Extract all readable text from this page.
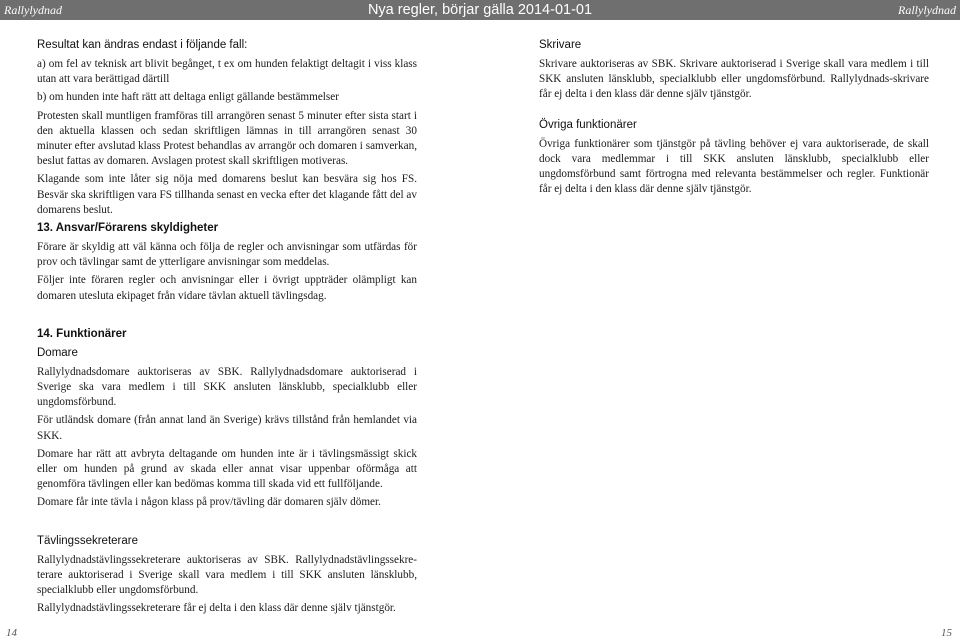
Rallylydnad	Nya regler, börjar gälla 2014-01-01	Rallylydnad
Resultat kan ändras endast i följande fall:

a) om fel av teknisk art blivit begånget, t ex om hunden felaktigt deltagit i viss klass utan att vara berättigad därtill

b) om hunden inte haft rätt att deltaga enligt gällande bestämmelser

Protesten skall muntligen framföras till arrangören senast 5 minuter efter sista start i den aktuella klassen och sedan skriftligen lämnas in till arrangören senast 30 minuter efter avslutad klass Protest behandlas av arrangör och domaren i samverkan, beslut fattas av domaren. Avslagen protest skall skriftligen motiveras.

Klagande som inte låter sig nöja med domarens beslut kan besvära sig hos FS. Besvär ska skriftligen vara FS tillhanda senast en vecka efter det klagande fått del av domarens beslut.

Skrivare

Skrivare auktoriseras av SBK. Skrivare auktoriserad i Sverige skall vara medlem i till SKK ansluten länsklubb, specialklubb eller ungdomsförbund. Rallylydnads-skrivare får ej delta i den klass där denne själv tjänstgör.

Övriga funktionärer

Övriga funktionärer som tjänstgör på tävling behöver ej vara auktoriserade, de skall dock vara medlemmar i till SKK ansluten länsklubb, specialklubb eller ungdomsförbund samt förtrogna med relevanta bestämmelser och regler. Funktionär får ej delta i den klass där denne själv tjänstgör.

13. Ansvar/Förarens skyldigheter

Förare är skyldig att väl känna och följa de regler och anvisningar som utfärdas för prov och tävlingar samt de ytterligare anvisningar som meddelas.

Följer inte föraren regler och anvisningar eller i övrigt uppträder olämpligt kan domaren utesluta ekipaget från vidare tävlan aktuell tävlingsdag.

14. Funktionärer
Domare

Rallylydnadsdomare auktoriseras av SBK. Rallylydnadsdomare auktoriserad i Sverige ska vara medlem i till SKK ansluten länsklubb, specialklubb eller ungdomsförbund.

För utländsk domare (från annat land än Sverige) krävs tillstånd från hemlandet via SKK.

Domare har rätt att avbryta deltagande om hunden inte är i tävlingsmässigt skick eller om hunden på grund av skada eller annat visar uppenbar oförmåga att genomföra tävlingen eller kan bedömas komma till skada vid ett fullföljande.

Domare får inte tävla i någon klass på prov/tävling där domaren själv dömer.

Tävlingssekreterare

Rallylydnadstävlingssekreterare auktoriseras av SBK. Rallylydnadstävlingssekre-terare auktoriserad i Sverige skall vara medlem i till SKK ansluten länsklubb, specialklubb eller ungdomsförbund.

Rallylydnadstävlingssekreterare får ej delta i den klass där denne själv tjänstgör.

14	15
